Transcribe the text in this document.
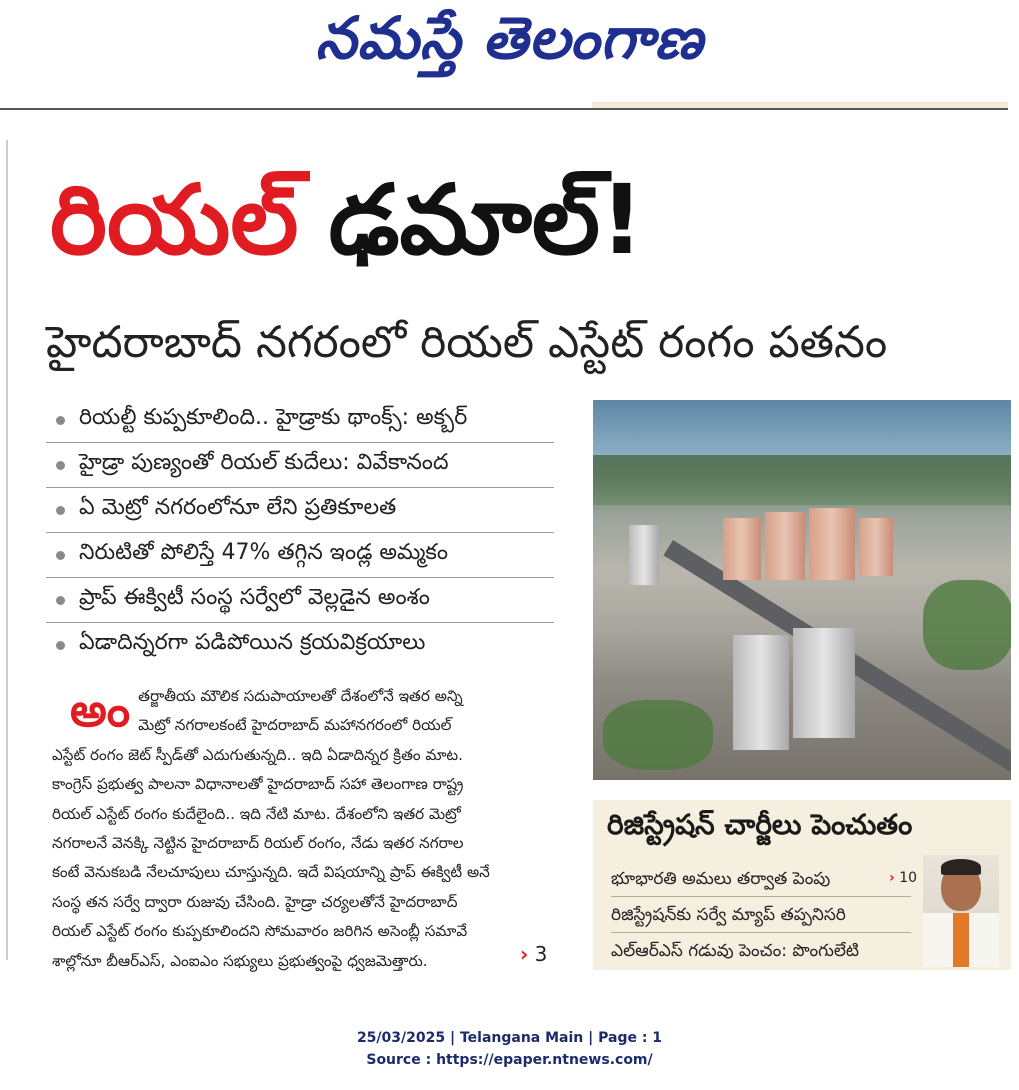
నమస్తే తెలంగాణ
రియల్ ఢమాల్!
హైదరాబాద్ నగరంలో రియల్ ఎస్టేట్ రంగం పతనం
రియల్టీ కుప్పకూలింది.. హైడ్రాకు థాంక్స్: అక్బర్
హైడ్రా పుణ్యంతో రియల్ కుదేలు: వివేకానంద
ఏ మెట్రో నగరంలోనూ లేని ప్రతికూలత
నిరుటితో పోలిస్తే 47% తగ్గిన ఇండ్ల అమ్మకం
ప్రాప్ ఈక్విటీ సంస్థ సర్వేలో వెల్లడైన అంశం
ఏడాదిన్నరగా పడిపోయిన క్రయవిక్రయాలు
అం తర్జాతీయ మౌలిక సదుపాయాలతో దేశంలోనే ఇతర అన్ని

మెట్రో నగరాలకంటే హైదరాబాద్ మహానగరంలో రియల్

ఎస్టేట్ రంగం జెట్ స్పీడ్‌తో ఎదుగుతున్నది.. ఇది ఏడాదిన్నర క్రితం మాట.

కాంగ్రెస్ ప్రభుత్వ పాలనా విధానాలతో హైదరాబాద్ సహా తెలంగాణ రాష్ట్ర

రియల్ ఎస్టేట్ రంగం కుదేలైంది.. ఇది నేటి మాట. దేశంలోని ఇతర మెట్రో

నగరాలనే వెనక్కి నెట్టిన హైదరాబాద్ రియల్ రంగం, నేడు ఇతర నగరాల

కంటే వెనుకబడి నేలచూపులు చూస్తున్నది. ఇదే విషయాన్ని ప్రాప్ ఈక్విటీ అనే

సంస్థ తన సర్వే ద్వారా రుజువు చేసింది. హైడ్రా చర్యలతోనే హైదరాబాద్

రియల్ ఎస్టేట్ రంగం కుప్పకూలిందని సోమవారం జరిగిన అసెంబ్లీ సమావే

శాల్లోనూ బీఆర్‌ఎస్, ఎంఐఎం సభ్యులు ప్రభుత్వంపై ధ్వజమెత్తారు.	› 3
రిజిస్ట్రేషన్ చార్జీలు పెంచుతం
భూభారతి అమలు తర్వాత పెంపు
రిజిస్ట్రేషన్‌కు సర్వే మ్యాప్ తప్పనిసరి
ఎల్‌ఆర్‌ఎస్ గడువు పెంచం: పొంగులేటి
› 10
25/03/2025 | Telangana Main | Page : 1
Source : https://epaper.ntnews.com/
